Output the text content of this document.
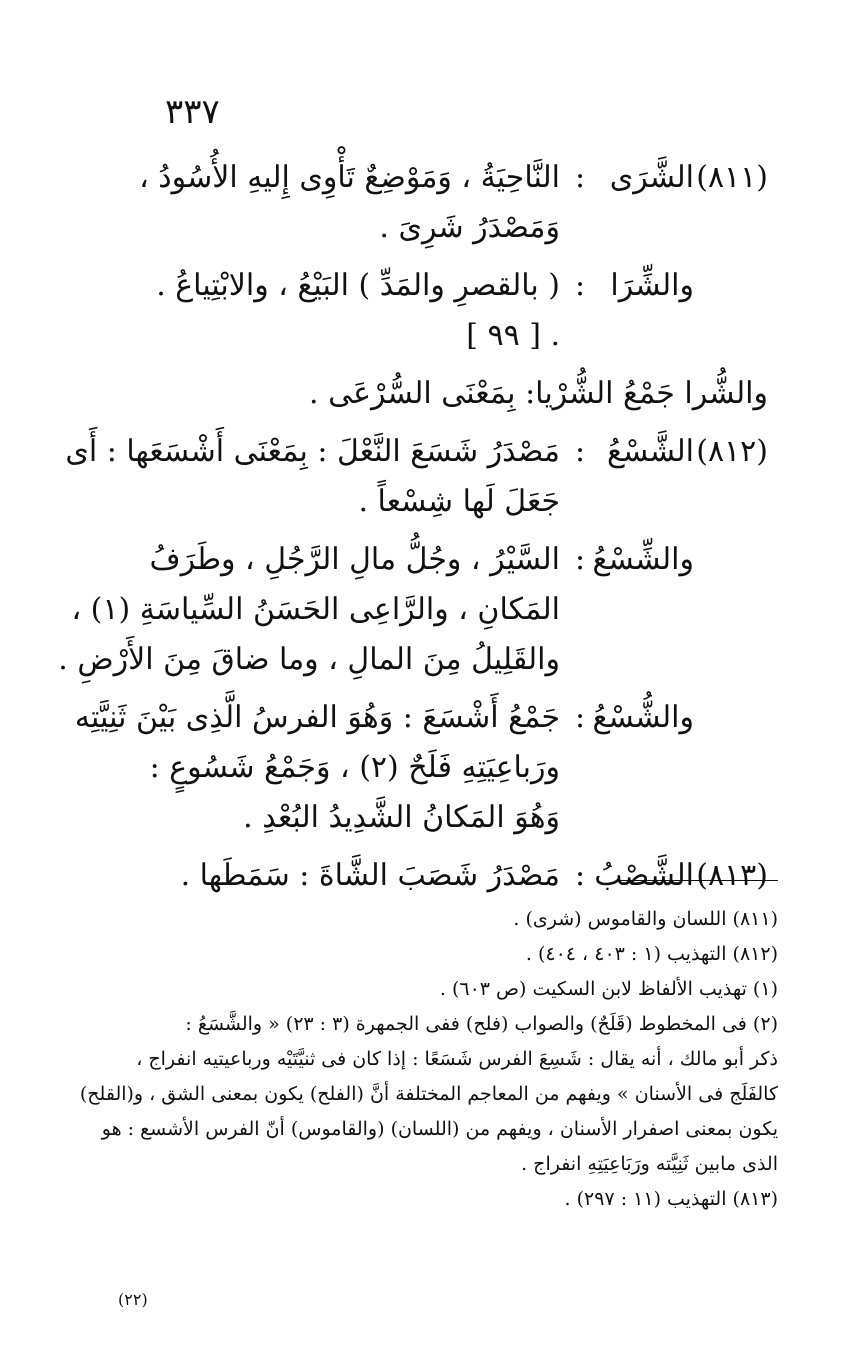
٣٣٧
(٨١١)
الشَّرَى
:
النَّاحِيَةُ ، وَمَوْضِعٌ تَأْوِى إِليهِ الأُسُودُ ،
وَمَصْدَرُ شَرِىَ .
والشِّرَا
:
( بالقصرِ والمَدِّ ) البَيْعُ ، والابْتِياعُ .
. [ ٩٩ ]
والشُّرا جَمْعُ الشُّرْيا: بِمَعْنَى السُّرْعَى .
(٨١٢)
الشَّسْعُ
:
مَصْدَرُ شَسَعَ النَّعْلَ : بِمَعْنَى أَشْسَعَها : أَى
جَعَلَ لَها شِسْعاً .
والشِّسْعُ
:
السَّيْرُ ، وجُلُّ مالِ الرَّجُلِ ، وطَرَفُ
المَكانِ ، والرَّاعِى الحَسَنُ السِّياسَةِ (١) ،
والقَلِيلُ مِنَ المالِ ، وما ضاقَ مِنَ الأَرْضِ .
والشُّسْعُ
:
جَمْعُ أَشْسَعَ : وَهُوَ الفرسُ الَّذِى بَيْنَ ثَنِيَّتِه
ورَباعِيَتِهِ فَلَحٌ (٢) ، وَجَمْعُ شَسُوعٍ :
وَهُوَ المَكانُ الشَّدِيدُ البُعْدِ .
(٨١٣)
الشَّصْبُ
:
مَصْدَرُ شَصَبَ الشَّاةَ : سَمَطَها .
(٨١١) اللسان والقاموس (شرى) .
(٨١٢) التهذيب (١ : ٤٠٣ ، ٤٠٤) .
(١) تهذيب الألفاظ لابن السكيت (ص ٦٠٣) .
(٢) فى المخطوط (قَلَحٌ) والصواب (فلح) ففى الجمهرة (٣ : ٢٣) « والشَّسَعُ :
ذكر أبو مالك ، أنه يقال : شَسِعَ الفرس شَسَعًا : إذا كان فى ثنيَّتَيْه ورباعيتيه انفراج ،
كالفَلَج فى الأسنان » ويفهم من المعاجم المختلفة أنَّ (الفلح) يكون بمعنى الشق ، و(القلح)
يكون بمعنى اصفرار الأسنان ، ويفهم من (اللسان) (والقاموس) أنّ الفرس الأشسع : هو
الذى مابين ثَنِيَّته ورَبَاعِيَتِهِ انفراج .
(٨١٣) التهذيب (١١ : ٢٩٧) .
(٢٢)
